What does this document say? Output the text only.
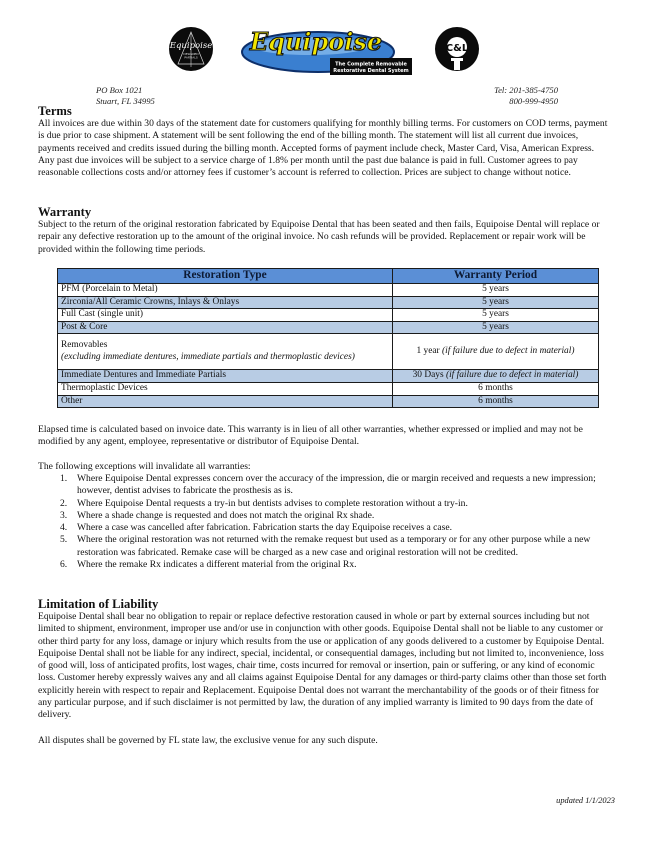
Equipoise
DESIGNED
PARTIALS
Equipoise
The Complete Removable
Restorative Dental System
C&L
PO Box 1021
Stuart, FL 34995
Tel: 201-385-4750
800-999-4950
Terms

All invoices are due within 30 days of the statement date for customers qualifying for monthly billing terms. For customers on COD terms, payment is due prior to case shipment. A statement will be sent following the end of the billing month. The statement will list all current due invoices, payments received and credits issued during the billing month. Accepted forms of payment include check, Master Card, Visa, American Express. Any past due invoices will be subject to a service charge of 1.8% per month until the past due balance is paid in full. Customer agrees to pay reasonable collections costs and/or attorney fees if customer’s account is referred to collection. Prices are subject to change without notice.

Warranty

Subject to the return of the original restoration fabricated by Equipoise Dental that has been seated and then fails, Equipoise Dental will replace or repair any defective restoration up to the amount of the original invoice. No cash refunds will be provided. Replacement or repair work will be provided within the following time periods.

Restoration Type	Warranty Period
PFM (Porcelain to Metal)	5 years
Zirconia/All Ceramic Crowns, Inlays & Onlays	5 years
Full Cast (single unit)	5 years
Post & Core	5 years

Removables
(excluding immediate dentures, immediate partials and thermoplastic devices)	1 year (if failure due to defect in material)
Immediate Dentures and Immediate Partials	30 Days (if failure due to defect in material)
Thermoplastic Devices	6 months
Other	6 months

Elapsed time is calculated based on invoice date. This warranty is in lieu of all other warranties, whether expressed or implied and may not be modified by any agent, employee, representative or distributor of Equipoise Dental.

The following exceptions will invalidate all warranties:

1. Where Equipoise Dental expresses concern over the accuracy of the impression, die or margin received and requests a new impression; however, dentist advises to fabricate the prosthesis as is.
2. Where Equipoise Dental requests a try-in but dentists advises to complete restoration without a try-in.
3. Where a shade change is requested and does not match the original Rx shade.
4. Where a case was cancelled after fabrication. Fabrication starts the day Equipoise receives a case.
5. Where the original restoration was not returned with the remake request but used as a temporary or for any other purpose while a new restoration was fabricated. Remake case will be charged as a new case and original restoration will not be credited.
6. Where the remake Rx indicates a different material from the original Rx.
Limitation of Liability

Equipoise Dental shall bear no obligation to repair or replace defective restoration caused in whole or part by external sources including but not limited to shipment, environment, improper use and/or use in conjunction with other goods. Equipoise Dental shall not be liable to any customer or other third party for any loss, damage or injury which results from the use or application of any goods delivered to a customer by Equipoise Dental. Equipoise Dental shall not be liable for any indirect, special, incidental, or consequential damages, including but not limited to, inconvenience, loss of good will, loss of anticipated profits, lost wages, chair time, costs incurred for removal or insertion, pain or suffering, or any kind of economic loss. Customer hereby expressly waives any and all claims against Equipoise Dental for any damages or third-party claims other than those set forth explicitly herein with respect to repair and Replacement. Equipoise Dental does not warrant the merchantability of the goods or of their fitness for any particular purpose, and if such disclaimer is not permitted by law, the duration of any implied warranty is limited to 90 days from the date of delivery.

All disputes shall be governed by FL state law, the exclusive venue for any such dispute.

updated 1/1/2023
